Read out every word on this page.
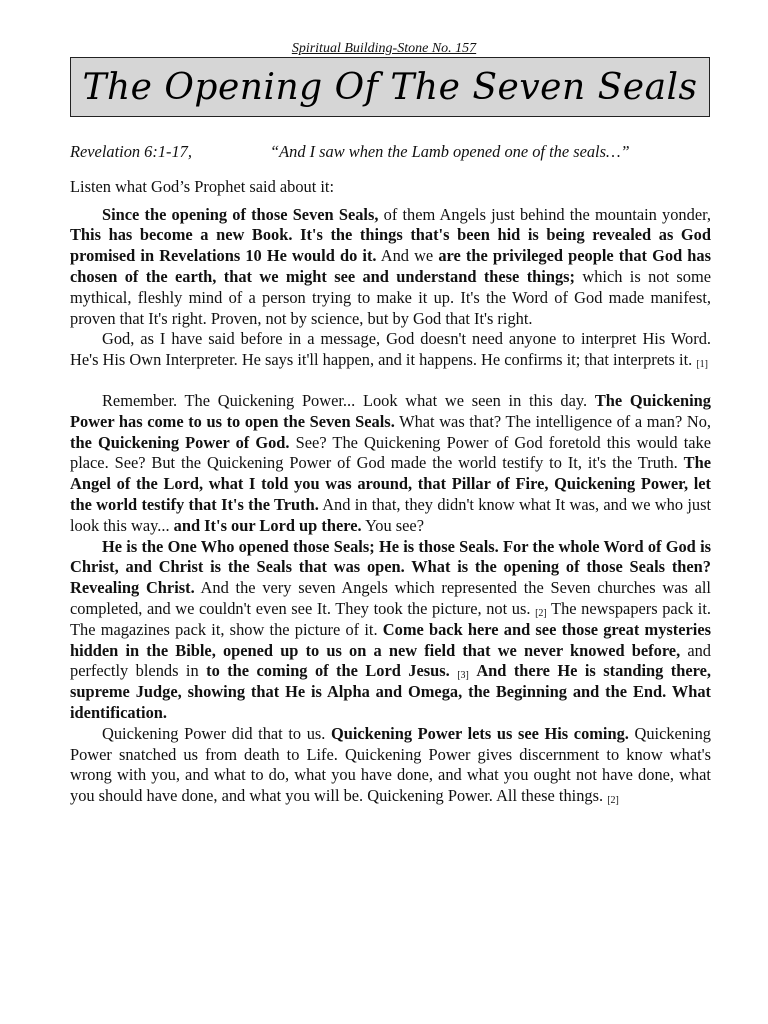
Spiritual Building-Stone No. 157
The Opening Of The Seven Seals
Revelation 6:1-17,	“And I saw when the Lamb opened one of the seals…”

Listen what God’s Prophet said about it:

Since the opening of those Seven Seals, of them Angels just behind the mountain yonder, This has become a new Book. It's the things that's been hid is being revealed as God promised in Revelations 10 He would do it. And we are the privileged people that God has chosen of the earth, that we might see and understand these things; which is not some mythical, fleshly mind of a person trying to make it up. It's the Word of God made manifest, proven that It's right. Proven, not by science, but by God that It's right.

God, as I have said before in a message, God doesn't need anyone to interpret His Word. He's His Own Interpreter. He says it'll happen, and it happens. He confirms it; that interprets it. $_{[1]}$

Remember. The Quickening Power... Look what we seen in this day. The Quickening Power has come to us to open the Seven Seals. What was that? The intelligence of a man? No, the Quickening Power of God. See? The Quickening Power of God foretold this would take place. See? But the Quickening Power of God made the world testify to It, it's the Truth. The Angel of the Lord, what I told you was around, that Pillar of Fire, Quickening Power, let the world testify that It's the Truth. And in that, they didn't know what It was, and we who just look this way... and It's our Lord up there. You see?

He is the One Who opened those Seals; He is those Seals. For the whole Word of God is Christ, and Christ is the Seals that was open. What is the opening of those Seals then? Revealing Christ. And the very seven Angels which represented the Seven churches was all completed, and we couldn't even see It. They took the picture, not us. $_{[2]}$ The newspapers pack it. The magazines pack it, show the picture of it. Come back here and see those great mysteries hidden in the Bible, opened up to us on a new field that we never knowed before, and perfectly blends in to the coming of the Lord Jesus. $_{[3]}$ And there He is standing there, supreme Judge, showing that He is Alpha and Omega, the Beginning and the End. What identification.

Quickening Power did that to us. Quickening Power lets us see His coming. Quickening Power snatched us from death to Life. Quickening Power gives discernment to know what's wrong with you, and what to do, what you have done, and what you ought not have done, what you should have done, and what you will be. Quickening Power. All these things. $_{[2]}$
